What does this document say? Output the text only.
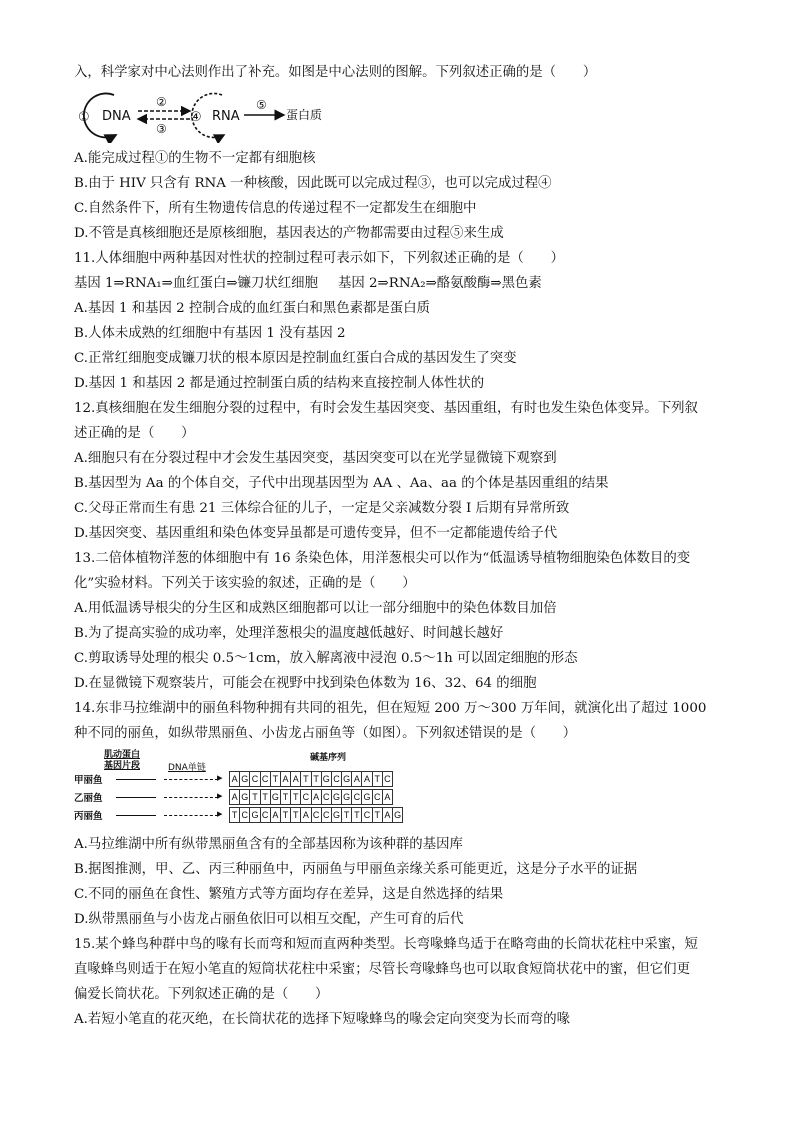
入，科学家对中心法则作出了补充。如图是中心法则的图解。下列叙述正确的是（　　）
① DNA
②
③
④ RNA
⑤
蛋白质
A.能完成过程①的生物不一定都有细胞核
B.由于 HIV 只含有 RNA 一种核酸，因此既可以完成过程③，也可以完成过程④
C.自然条件下，所有生物遗传信息的传递过程不一定都发生在细胞中
D.不管是真核细胞还是原核细胞，基因表达的产物都需要由过程⑤来生成
11.人体细胞中两种基因对性状的控制过程可表示如下，下列叙述正确的是（　　）
基因 1⇒RNA₁⇒血红蛋白⇒镰刀状红细胞 基因 2⇒RNA₂⇒酪氨酸酶⇒黑色素
A.基因 1 和基因 2 控制合成的血红蛋白和黑色素都是蛋白质
B.人体未成熟的红细胞中有基因 1 没有基因 2
C.正常红细胞变成镰刀状的根本原因是控制血红蛋白合成的基因发生了突变
D.基因 1 和基因 2 都是通过控制蛋白质的结构来直接控制人体性状的
12.真核细胞在发生细胞分裂的过程中，有时会发生基因突变、基因重组，有时也发生染色体变异。下列叙
述正确的是（　　）
A.细胞只有在分裂过程中才会发生基因突变，基因突变可以在光学显微镜下观察到
B.基因型为 Aa 的个体自交，子代中出现基因型为 AA 、Aa、aa 的个体是基因重组的结果
C.父母正常而生有患 21 三体综合征的儿子，一定是父亲减数分裂 I 后期有异常所致
D.基因突变、基因重组和染色体变异虽都是可遗传变异，但不一定都能遗传给子代
13.二倍体植物洋葱的体细胞中有 16 条染色体，用洋葱根尖可以作为“低温诱导植物细胞染色体数目的变
化”实验材料。下列关于该实验的叙述，正确的是（　　）
A.用低温诱导根尖的分生区和成熟区细胞都可以让一部分细胞中的染色体数目加倍
B.为了提高实验的成功率，处理洋葱根尖的温度越低越好、时间越长越好
C.剪取诱导处理的根尖 0.5～1cm，放入解离液中浸泡 0.5～1h 可以固定细胞的形态
D.在显微镜下观察装片，可能会在视野中找到染色体数为 16、32、64 的细胞
14.东非马拉维湖中的丽鱼科物种拥有共同的祖先，但在短短 200 万～300 万年间，就演化出了超过 1000
种不同的丽鱼，如纵带黑丽鱼、小齿龙占丽鱼等（如图）。下列叙述错误的是（　　）
肌动蛋白
基因片段	DNA单链
碱基序列
甲丽鱼	▸ A G C C T A A T T G C G A A T C
乙丽鱼	▸ A G T T G T T C A C G G C G C A
丙丽鱼	▸	T C G C A T T A C C G T T C T A G
A.马拉维湖中所有纵带黑丽鱼含有的全部基因称为该种群的基因库
B.据图推测，甲、乙、丙三种丽鱼中，丙丽鱼与甲丽鱼亲缘关系可能更近，这是分子水平的证据
C.不同的丽鱼在食性、繁殖方式等方面均存在差异，这是自然选择的结果
D.纵带黑丽鱼与小齿龙占丽鱼依旧可以相互交配，产生可育的后代
15.某个蜂鸟种群中鸟的喙有长而弯和短而直两种类型。长弯喙蜂鸟适于在略弯曲的长筒状花柱中采蜜，短
直喙蜂鸟则适于在短小笔直的短筒状花柱中采蜜；尽管长弯喙蜂鸟也可以取食短筒状花中的蜜，但它们更
偏爱长筒状花。下列叙述正确的是（　　）
A.若短小笔直的花灭绝，在长筒状花的选择下短喙蜂鸟的喙会定向突变为长而弯的喙
